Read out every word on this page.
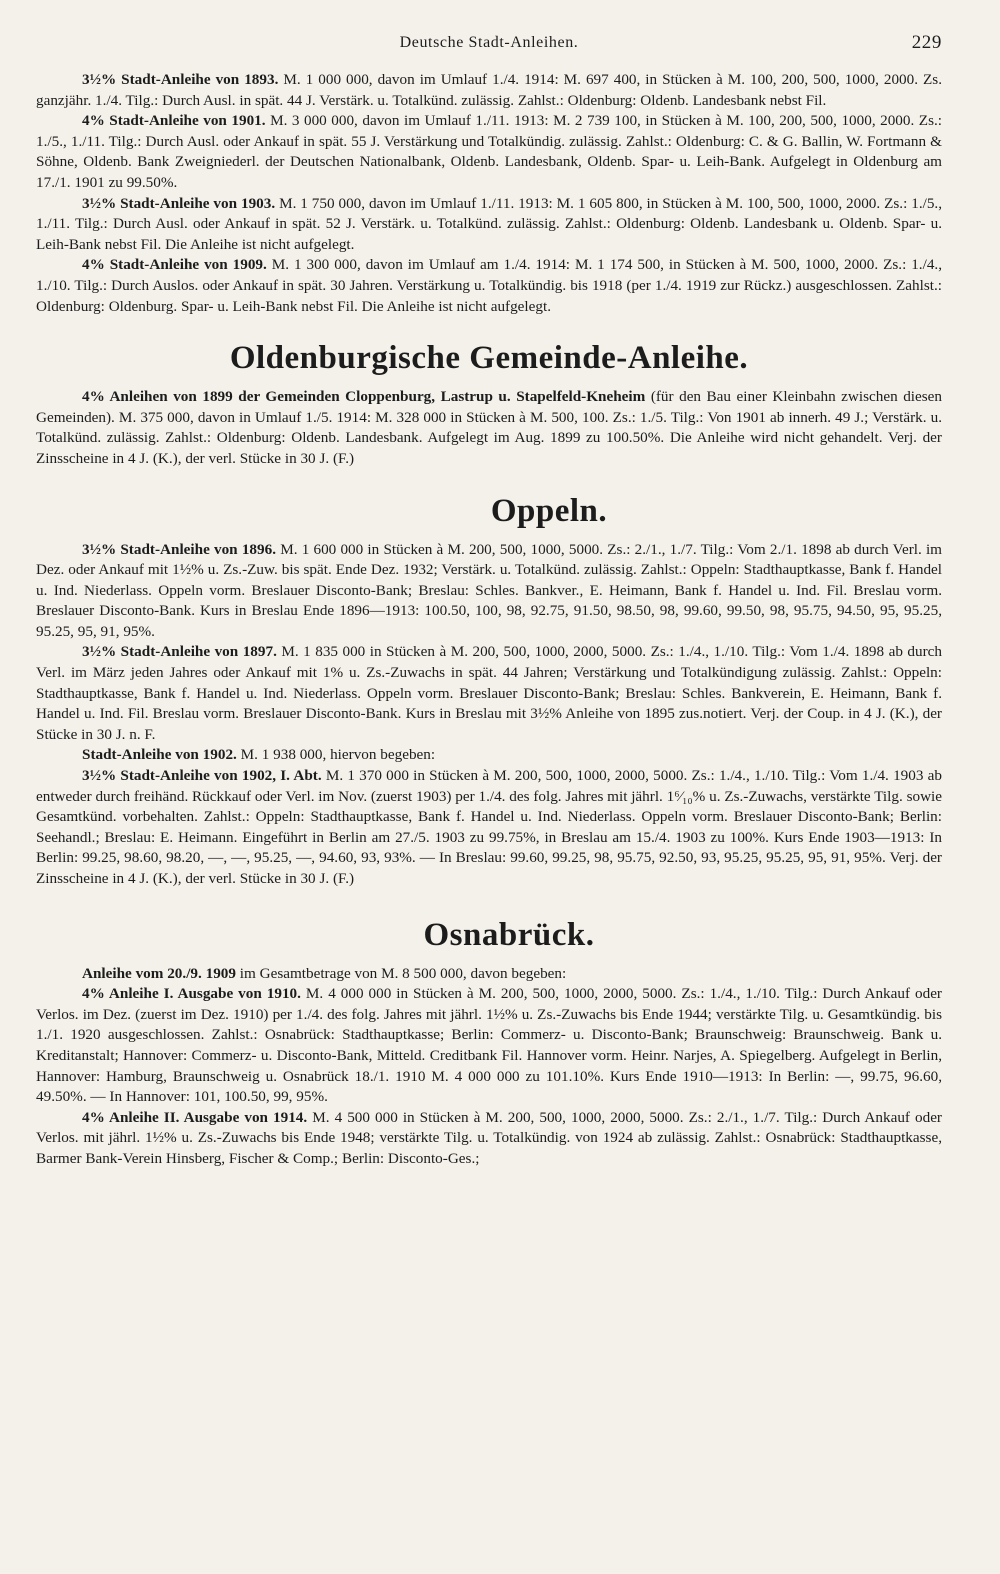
Deutsche Stadt-Anleihen.	229

3½% Stadt-Anleihe von 1893. M. 1 000 000, davon im Umlauf 1./4. 1914: M. 697 400, in Stücken à M. 100, 200, 500, 1000, 2000. Zs. ganzjähr. 1./4. Tilg.: Durch Ausl. in spät. 44 J. Verstärk. u. Totalkünd. zulässig. Zahlst.: Oldenburg: Oldenb. Landesbank nebst Fil.

4% Stadt-Anleihe von 1901. M. 3 000 000, davon im Umlauf 1./11. 1913: M. 2 739 100, in Stücken à M. 100, 200, 500, 1000, 2000. Zs.: 1./5., 1./11. Tilg.: Durch Ausl. oder Ankauf in spät. 55 J. Verstärkung und Totalkündig. zulässig. Zahlst.: Oldenburg: C. & G. Ballin, W. Fortmann & Söhne, Oldenb. Bank Zweigniederl. der Deutschen Nationalbank, Oldenb. Landesbank, Oldenb. Spar- u. Leih-Bank. Aufgelegt in Oldenburg am 17./1. 1901 zu 99.50%.

3½% Stadt-Anleihe von 1903. M. 1 750 000, davon im Umlauf 1./11. 1913: M. 1 605 800, in Stücken à M. 100, 500, 1000, 2000. Zs.: 1./5., 1./11. Tilg.: Durch Ausl. oder Ankauf in spät. 52 J. Verstärk. u. Totalkünd. zulässig. Zahlst.: Oldenburg: Oldenb. Landesbank u. Oldenb. Spar- u. Leih-Bank nebst Fil. Die Anleihe ist nicht aufgelegt.

4% Stadt-Anleihe von 1909. M. 1 300 000, davon im Umlauf am 1./4. 1914: M. 1 174 500, in Stücken à M. 500, 1000, 2000. Zs.: 1./4., 1./10. Tilg.: Durch Auslos. oder Ankauf in spät. 30 Jahren. Verstärkung u. Totalkündig. bis 1918 (per 1./4. 1919 zur Rückz.) ausgeschlossen. Zahlst.: Oldenburg: Oldenburg. Spar- u. Leih-Bank nebst Fil. Die Anleihe ist nicht aufgelegt.

Oldenburgische Gemeinde-Anleihe.

4% Anleihen von 1899 der Gemeinden Cloppenburg, Lastrup u. Stapelfeld-Kneheim (für den Bau einer Kleinbahn zwischen diesen Gemeinden). M. 375 000, davon in Umlauf 1./5. 1914: M. 328 000 in Stücken à M. 500, 100. Zs.: 1./5. Tilg.: Von 1901 ab innerh. 49 J.; Verstärk. u. Totalkünd. zulässig. Zahlst.: Oldenburg: Oldenb. Landesbank. Aufgelegt im Aug. 1899 zu 100.50%. Die Anleihe wird nicht gehandelt. Verj. der Zinsscheine in 4 J. (K.), der verl. Stücke in 30 J. (F.)

Oppeln.

3½% Stadt-Anleihe von 1896. M. 1 600 000 in Stücken à M. 200, 500, 1000, 5000. Zs.: 2./1., 1./7. Tilg.: Vom 2./1. 1898 ab durch Verl. im Dez. oder Ankauf mit 1½% u. Zs.-Zuw. bis spät. Ende Dez. 1932; Verstärk. u. Totalkünd. zulässig. Zahlst.: Oppeln: Stadthauptkasse, Bank f. Handel u. Ind. Niederlass. Oppeln vorm. Breslauer Disconto-Bank; Breslau: Schles. Bankver., E. Heimann, Bank f. Handel u. Ind. Fil. Breslau vorm. Breslauer Disconto-Bank. Kurs in Breslau Ende 1896—1913: 100.50, 100, 98, 92.75, 91.50, 98.50, 98, 99.60, 99.50, 98, 95.75, 94.50, 95, 95.25, 95.25, 95, 91, 95%.

3½% Stadt-Anleihe von 1897. M. 1 835 000 in Stücken à M. 200, 500, 1000, 2000, 5000. Zs.: 1./4., 1./10. Tilg.: Vom 1./4. 1898 ab durch Verl. im März jeden Jahres oder Ankauf mit 1% u. Zs.-Zuwachs in spät. 44 Jahren; Verstärkung und Totalkündigung zulässig. Zahlst.: Oppeln: Stadthauptkasse, Bank f. Handel u. Ind. Niederlass. Oppeln vorm. Breslauer Disconto-Bank; Breslau: Schles. Bankverein, E. Heimann, Bank f. Handel u. Ind. Fil. Breslau vorm. Breslauer Disconto-Bank. Kurs in Breslau mit 3½% Anleihe von 1895 zus.notiert. Verj. der Coup. in 4 J. (K.), der Stücke in 30 J. n. F.

Stadt-Anleihe von 1902. M. 1 938 000, hiervon begeben:

3½% Stadt-Anleihe von 1902, I. Abt. M. 1 370 000 in Stücken à M. 200, 500, 1000, 2000, 5000. Zs.: 1./4., 1./10. Tilg.: Vom 1./4. 1903 ab entweder durch freihänd. Rückkauf oder Verl. im Nov. (zuerst 1903) per 1./4. des folg. Jahres mit jährl. 1⁶⁄₁₀% u. Zs.-Zuwachs, verstärkte Tilg. sowie Gesamtkünd. vorbehalten. Zahlst.: Oppeln: Stadthauptkasse, Bank f. Handel u. Ind. Niederlass. Oppeln vorm. Breslauer Disconto-Bank; Berlin: Seehandl.; Breslau: E. Heimann. Eingeführt in Berlin am 27./5. 1903 zu 99.75%, in Breslau am 15./4. 1903 zu 100%. Kurs Ende 1903—1913: In Berlin: 99.25, 98.60, 98.20, —, —, 95.25, —, 94.60, 93, 93%. — In Breslau: 99.60, 99.25, 98, 95.75, 92.50, 93, 95.25, 95.25, 95, 91, 95%. Verj. der Zinsscheine in 4 J. (K.), der verl. Stücke in 30 J. (F.)

Osnabrück.

Anleihe vom 20./9. 1909 im Gesamtbetrage von M. 8 500 000, davon begeben:

4% Anleihe I. Ausgabe von 1910. M. 4 000 000 in Stücken à M. 200, 500, 1000, 2000, 5000. Zs.: 1./4., 1./10. Tilg.: Durch Ankauf oder Verlos. im Dez. (zuerst im Dez. 1910) per 1./4. des folg. Jahres mit jährl. 1½% u. Zs.-Zuwachs bis Ende 1944; verstärkte Tilg. u. Gesamtkündig. bis 1./1. 1920 ausgeschlossen. Zahlst.: Osnabrück: Stadthauptkasse; Berlin: Commerz- u. Disconto-Bank; Braunschweig: Braunschweig. Bank u. Kreditanstalt; Hannover: Commerz- u. Disconto-Bank, Mitteld. Creditbank Fil. Hannover vorm. Heinr. Narjes, A. Spiegelberg. Aufgelegt in Berlin, Hannover: Hamburg, Braunschweig u. Osnabrück 18./1. 1910 M. 4 000 000 zu 101.10%. Kurs Ende 1910—1913: In Berlin: —, 99.75, 96.60, 49.50%. — In Hannover: 101, 100.50, 99, 95%.

4% Anleihe II. Ausgabe von 1914. M. 4 500 000 in Stücken à M. 200, 500, 1000, 2000, 5000. Zs.: 2./1., 1./7. Tilg.: Durch Ankauf oder Verlos. mit jährl. 1½% u. Zs.-Zuwachs bis Ende 1948; verstärkte Tilg. u. Totalkündig. von 1924 ab zulässig. Zahlst.: Osnabrück: Stadthauptkasse, Barmer Bank-Verein Hinsberg, Fischer & Comp.; Berlin: Disconto-Ges.;
